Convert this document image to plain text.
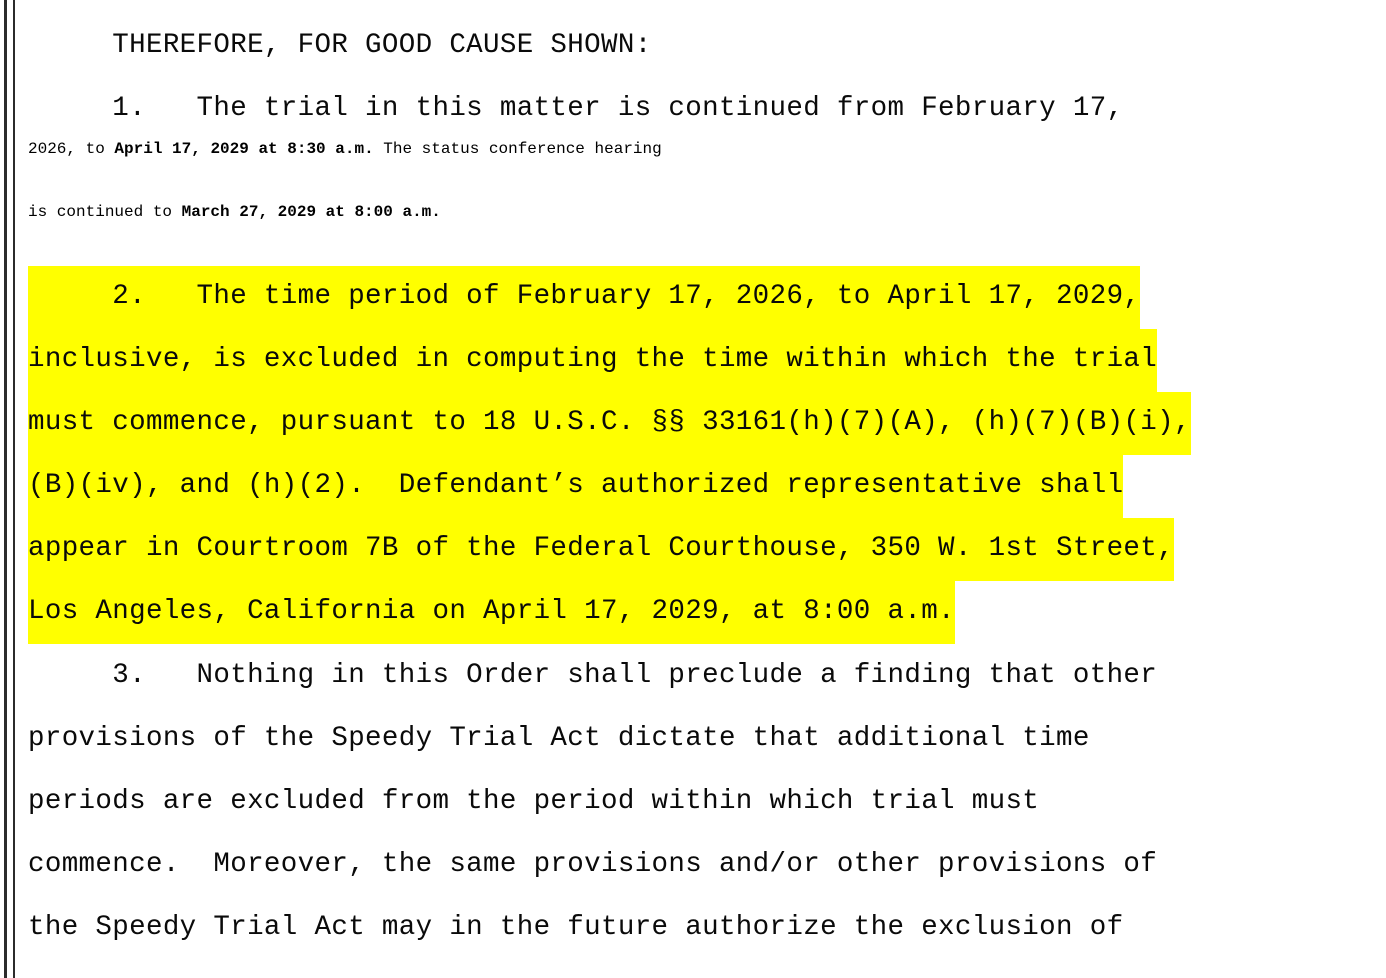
THEREFORE, FOR GOOD CAUSE SHOWN:
1.   The trial in this matter is continued from February 17,
2026, to April 17, 2029 at 8:30 a.m. The status conference hearing
is continued to March 27, 2029 at 8:00 a.m.
2.   The time period of February 17, 2026, to April 17, 2029,
inclusive, is excluded in computing the time within which the trial
must commence, pursuant to 18 U.S.C. §§ 33161(h)(7)(A), (h)(7)(B)(i),
(B)(iv), and (h)(2).  Defendant’s authorized representative shall
appear in Courtroom 7B of the Federal Courthouse, 350 W. 1st Street,
Los Angeles, California on April 17, 2029, at 8:00 a.m.
3.   Nothing in this Order shall preclude a finding that other
provisions of the Speedy Trial Act dictate that additional time
periods are excluded from the period within which trial must
commence.  Moreover, the same provisions and/or other provisions of
the Speedy Trial Act may in the future authorize the exclusion of
